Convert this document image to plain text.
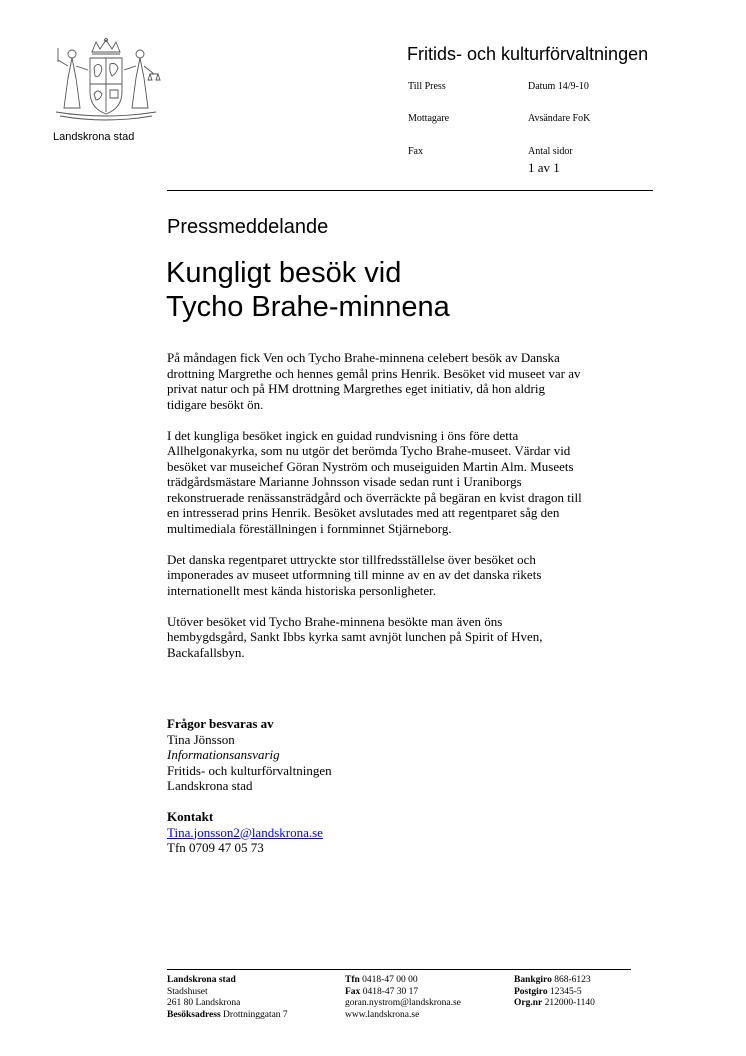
Landskrona stad
Fritids- och kulturförvaltningen
Till Press	Datum 14/9-10
Mottagare	Avsändare FoK
Fax	Antal sidor
1 av 1
Pressmeddelande
Kungligt besök vid
Tycho Brahe-minnena

På måndagen fick Ven och Tycho Brahe-minnena celebert besök av Danska
drottning Margrethe och hennes gemål prins Henrik. Besöket vid museet var av
privat natur och på HM drottning Margrethes eget initiativ, då hon aldrig
tidigare besökt ön.

I det kungliga besöket ingick en guidad rundvisning i öns före detta
Allhelgonakyrka, som nu utgör det berömda Tycho Brahe-museet. Värdar vid
besöket var museichef Göran Nyström och museiguiden Martin Alm. Museets
trädgårdsmästare Marianne Johnsson visade sedan runt i Uraniborgs
rekonstruerade renässansträdgård och överräckte på begäran en kvist dragon till
en intresserad prins Henrik. Besöket avslutades med att regentparet såg den
multimediala föreställningen i fornminnet Stjärneborg.

Det danska regentparet uttryckte stor tillfredsställelse över besöket och
imponerades av museet utformning till minne av en av det danska rikets
internationellt mest kända historiska personligheter.

Utöver besöket vid Tycho Brahe-minnena besökte man även öns
hembygdsgård, Sankt Ibbs kyrka samt avnjöt lunchen på Spirit of Hven,
Backafallsbyn.

Frågor besvaras av
Tina Jönsson
Informationsansvarig
Fritids- och kulturförvaltningen
Landskrona stad
Kontakt
Tina.jonsson2@landskrona.se
Tfn 0709 47 05 73
Landskrona stad
Stadshuset
261 80 Landskrona
Besöksadress Drottninggatan 7
Tfn 0418-47 00 00
Fax 0418-47 30 17
goran.nystrom@landskrona.se
www.landskrona.se
Bankgiro 868-6123
Postgiro 12345-5
Org.nr 212000-1140
